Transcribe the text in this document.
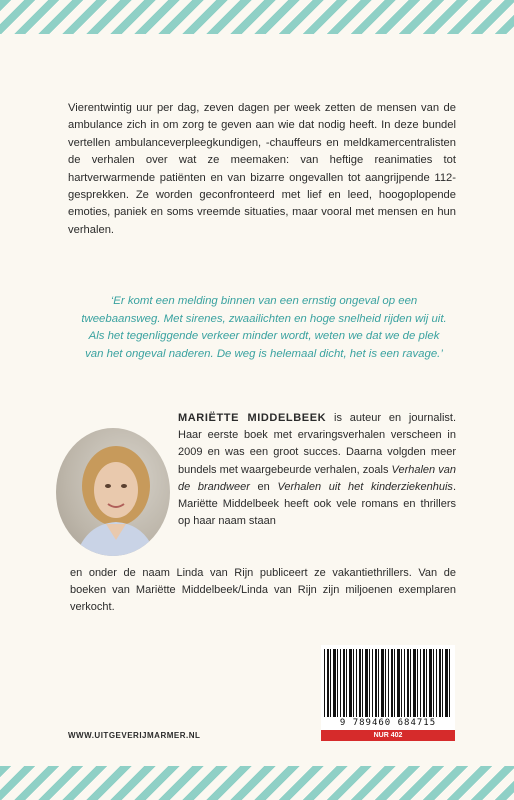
Vierentwintig uur per dag, zeven dagen per week zetten de mensen van de ambulance zich in om zorg te geven aan wie dat nodig heeft. In deze bundel vertellen ambulanceverpleegkundigen, -chauffeurs en meldkamercentralisten de verhalen over wat ze meemaken: van heftige reanimaties tot hartverwarmende patiënten en van bizarre ongevallen tot aangrijpende 112-gesprekken. Ze worden geconfronteerd met lief en leed, hoogoplopende emoties, paniek en soms vreemde situaties, maar vooral met mensen en hun verhalen.

‘Er komt een melding binnen van een ernstig ongeval op een tweebaansweg. Met sirenes, zwaailichten en hoge snelheid rijden wij uit. Als het tegenliggende verkeer minder wordt, weten we dat we de plek van het ongeval naderen. De weg is helemaal dicht, het is een ravage.’

MARIËTTE MIDDELBEEK is auteur en journalist. Haar eerste boek met ervaringsverhalen verscheen in 2009 en was een groot succes. Daarna volgden meer bundels met waargebeurde verhalen, zoals Verhalen van de brandweer en Verhalen uit het kinderziekenhuis. Mariëtte Middelbeek heeft ook vele romans en thrillers op haar naam staan
en onder de naam Linda van Rijn publiceert ze vakantiethrillers. Van de boeken van Mariëtte Middelbeek/Linda van Rijn zijn miljoenen exemplaren verkocht.

9 789460 684715
NUR 402
WWW.UITGEVERIJMARMER.NL
